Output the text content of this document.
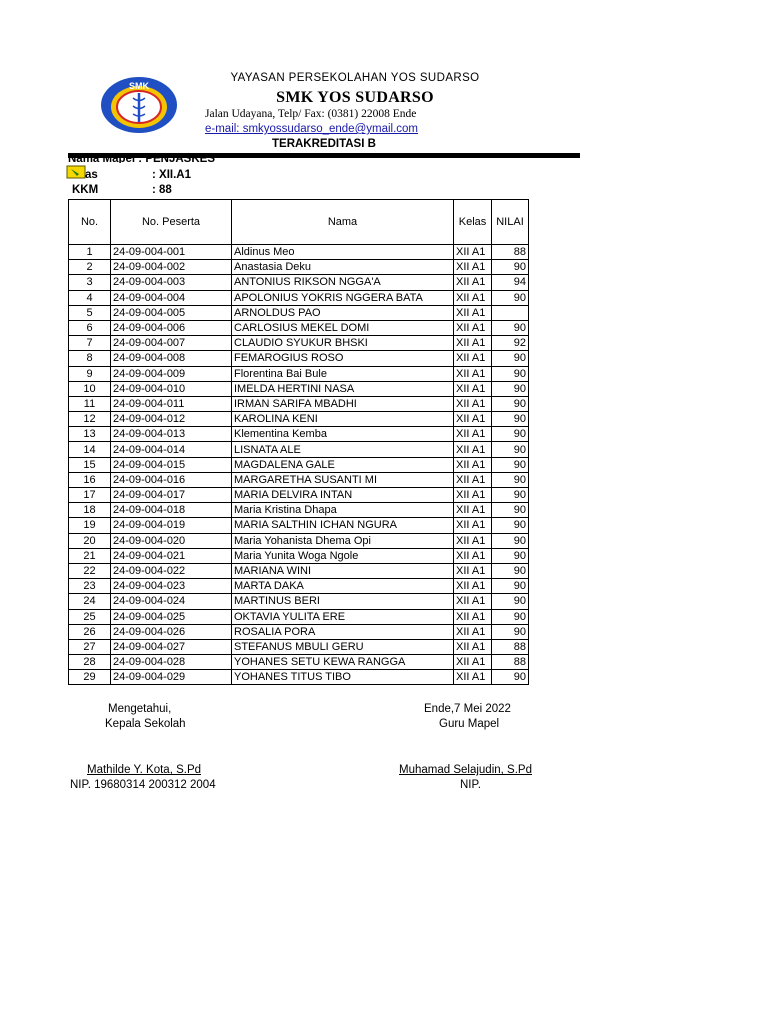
SMK
YAYASAN PERSEKOLAHAN YOS SUDARSO
SMK YOS SUDARSO
Jalan Udayana, Telp/ Fax: (0381) 22008 Ende
e-mail: smkyossudarso_ende@ymail.com
TERAKREDITASI B
Nama Mapel : PENJASKES
as	: XII.A1
KKM	: 88
No.	No. Peserta	Nama	Kelas	NILAI
1	24-09-004-001	Aldinus Meo	XII A1	88
2	24-09-004-002	Anastasia Deku	XII A1	90
3	24-09-004-003	ANTONIUS RIKSON NGGA'A	XII A1	94
4	24-09-004-004	APOLONIUS YOKRIS NGGERA BATA	XII A1	90
5	24-09-004-005	ARNOLDUS PAO	XII A1	
6	24-09-004-006	CARLOSIUS MEKEL DOMI	XII A1	90
7	24-09-004-007	CLAUDIO SYUKUR BHSKI	XII A1	92
8	24-09-004-008	FEMAROGIUS ROSO	XII A1	90
9	24-09-004-009	Florentina Bai Bule	XII A1	90
10	24-09-004-010	IMELDA HERTINI NASA	XII A1	90
11	24-09-004-011	IRMAN SARIFA MBADHI	XII A1	90
12	24-09-004-012	KAROLINA KENI	XII A1	90
13	24-09-004-013	Klementina Kemba	XII A1	90
14	24-09-004-014	LISNATA ALE	XII A1	90
15	24-09-004-015	MAGDALENA GALE	XII A1	90
16	24-09-004-016	MARGARETHA SUSANTI MI	XII A1	90
17	24-09-004-017	MARIA DELVIRA INTAN	XII A1	90
18	24-09-004-018	Maria Kristina Dhapa	XII A1	90
19	24-09-004-019	MARIA SALTHIN ICHAN NGURA	XII A1	90
20	24-09-004-020	Maria Yohanista Dhema Opi	XII A1	90
21	24-09-004-021	Maria Yunita Woga Ngole	XII A1	90
22	24-09-004-022	MARIANA WINI	XII A1	90
23	24-09-004-023	MARTA DAKA	XII A1	90
24	24-09-004-024	MARTINUS BERI	XII A1	90
25	24-09-004-025	OKTAVIA YULITA ERE	XII A1	90
26	24-09-004-026	ROSALIA PORA	XII A1	90
27	24-09-004-027	STEFANUS MBULI GERU	XII A1	88
28	24-09-004-028	YOHANES SETU KEWA RANGGA	XII A1	88
29	24-09-004-029	YOHANES TITUS TIBO	XII A1	90
Mengetahui,
Kepala Sekolah
Ende,7 Mei 2022
Guru Mapel
Mathilde Y. Kota, S.Pd
NIP. 19680314 200312 2004
Muhamad Selajudin, S.Pd
NIP.
